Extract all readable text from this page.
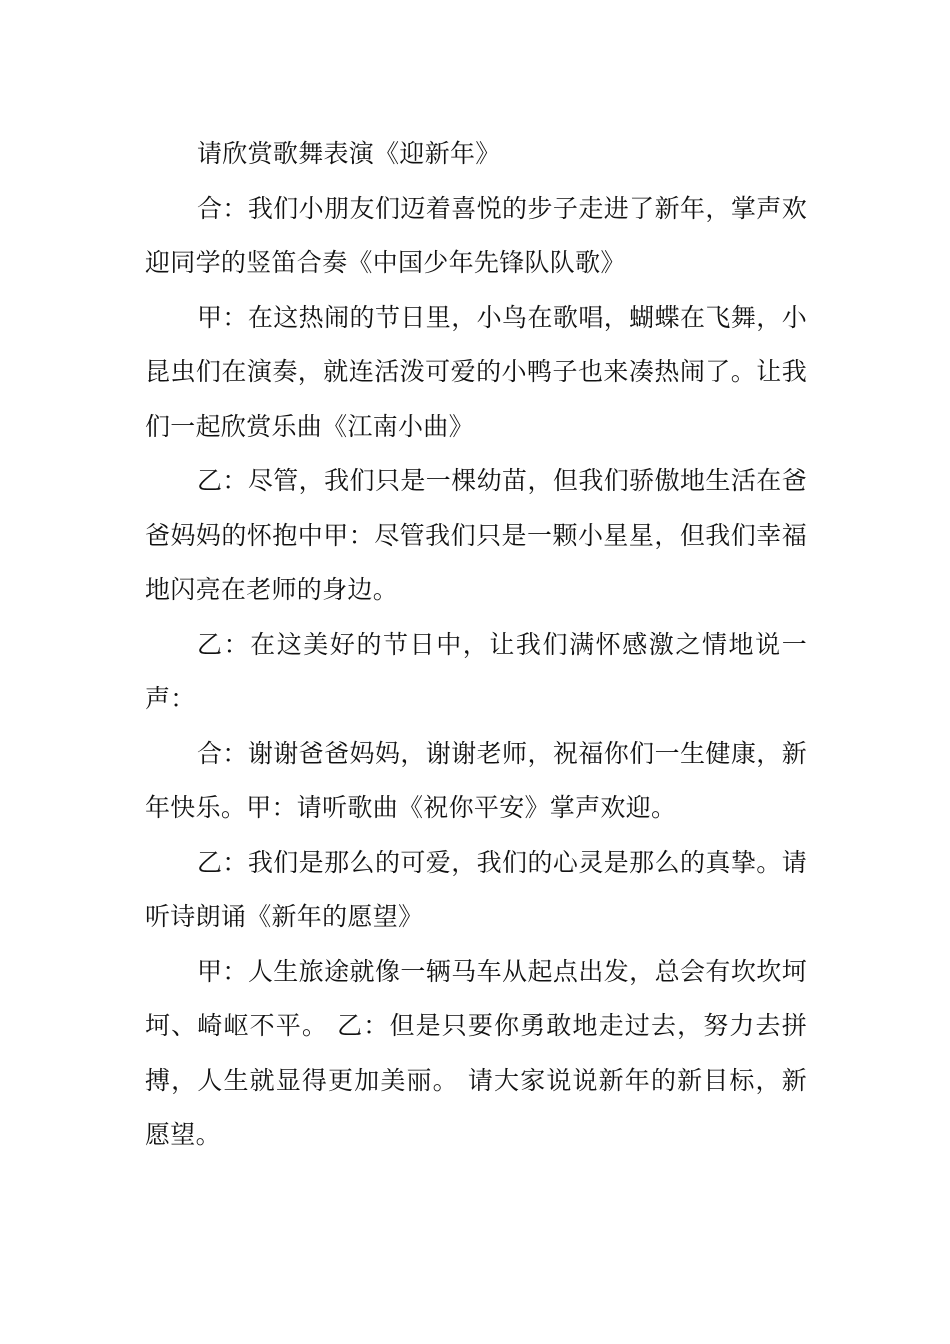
请欣赏歌舞表演《迎新年》

合：我们小朋友们迈着喜悦的步子走进了新年，掌声欢迎同学的竖笛合奏《中国少年先锋队队歌》

甲：在这热闹的节日里，小鸟在歌唱，蝴蝶在飞舞，小昆虫们在演奏，就连活泼可爱的小鸭子也来凑热闹了。让我们一起欣赏乐曲《江南小曲》

乙：尽管，我们只是一棵幼苗，但我们骄傲地生活在爸爸妈妈的怀抱中甲：尽管我们只是一颗小星星，但我们幸福地闪亮在老师的身边。

乙：在这美好的节日中，让我们满怀感激之情地说一声：

合：谢谢爸爸妈妈，谢谢老师，祝福你们一生健康，新年快乐。甲：请听歌曲《祝你平安》掌声欢迎。

乙：我们是那么的可爱，我们的心灵是那么的真挚。请听诗朗诵《新年的愿望》

甲：人生旅途就像一辆马车从起点出发，总会有坎坎坷坷、崎岖不平。 乙：但是只要你勇敢地走过去，努力去拼搏，人生就显得更加美丽。 请大家说说新年的新目标，新愿望。
